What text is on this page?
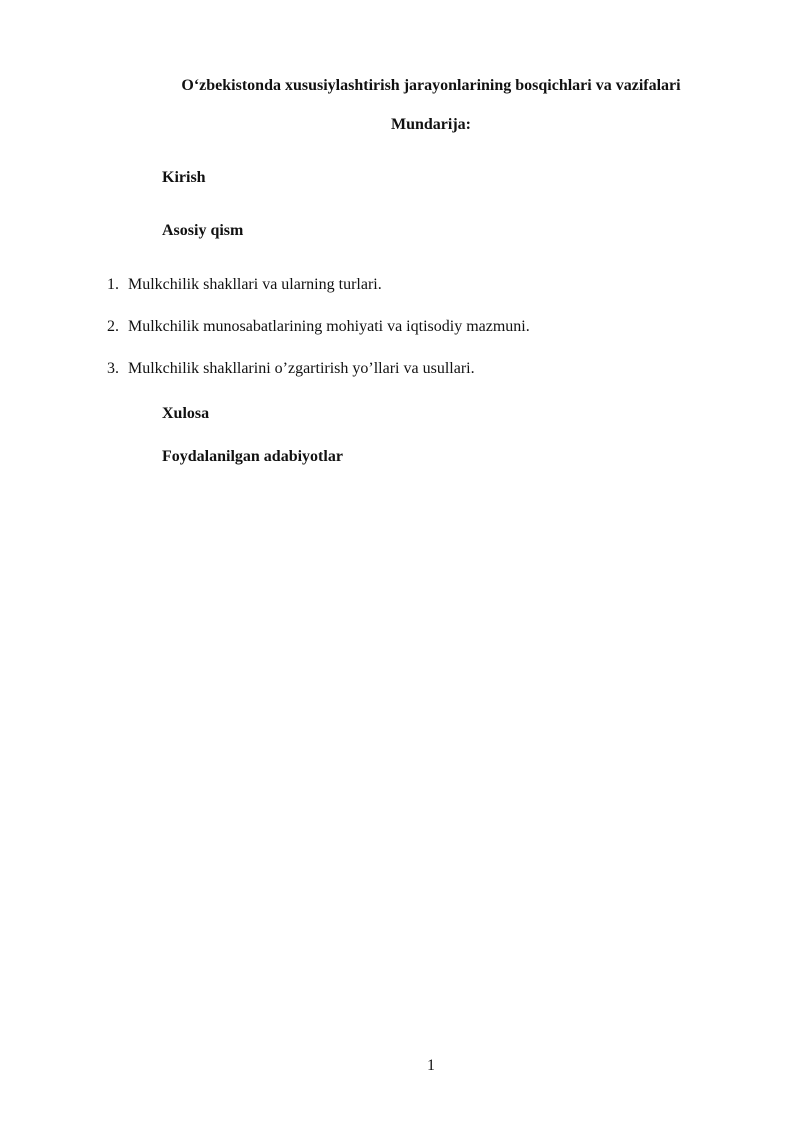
O‘zbekistonda xususiylashtirish jarayonlarining bosqichlari va vazifalari
Mundarija:

Kirish

Asosiy qism

1. Mulkchilik shakllari va ularning turlari.
2. Mulkchilik munosabatlarining mohiyati va iqtisodiy mazmuni.
3. Mulkchilik shakllarini o’zgartirish yo’llari va usullari.

Xulosa

Foydalanilgan adabiyotlar

1
